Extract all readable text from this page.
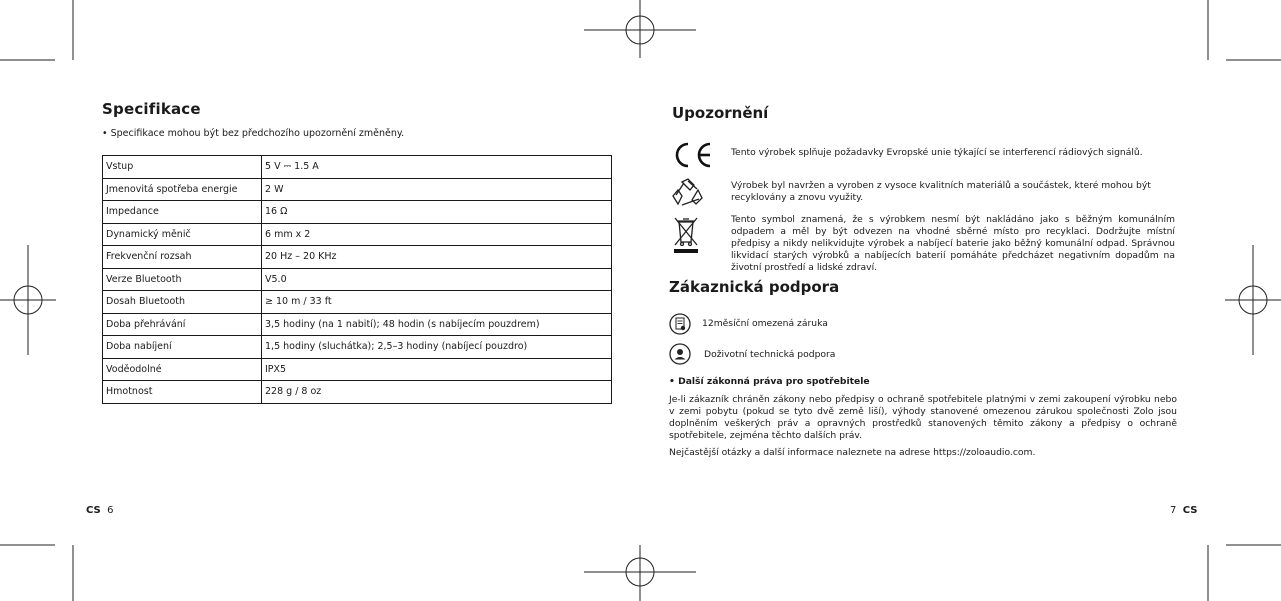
Specifikace
• Specifikace mohou být bez předchozího upozornění změněny.
Vstup	5 V ⎓ 1.5 A
Jmenovitá spotřeba energie	2 W
Impedance	16 Ω
Dynamický měnič	6 mm x 2
Frekvenční rozsah	20 Hz – 20 KHz
Verze Bluetooth	V5.0
Dosah Bluetooth	≥ 10 m / 33 ft
Doba přehrávání	3,5 hodiny (na 1 nabití); 48 hodin (s nabíjecím pouzdrem)
Doba nabíjení	1,5 hodiny (sluchátka); 2,5–3 hodiny (nabíjecí pouzdro)
Voděodolné	IPX5
Hmotnost	228 g / 8 oz
CS 6
Upozornění
Tento výrobek splňuje požadavky Evropské unie týkající se interferencí rádiových signálů.
Výrobek byl navržen a vyroben z vysoce kvalitních materiálů a součástek, které mohou být recyklovány a znovu využity.
Tento symbol znamená, že s výrobkem nesmí být nakládáno jako s běžným komunálním odpadem a měl by být odvezen na vhodné sběrné místo pro recyklaci. Dodržujte místní předpisy a nikdy nelikvidujte výrobek a nabíjecí baterie jako běžný komunální odpad. Správnou likvidací starých výrobků a nabíjecích baterií pomáháte předcházet negativním dopadům na životní prostředí a lidské zdraví.
Zákaznická podpora
12měsíční omezená záruka
Doživotní technická podpora
• Další zákonná práva pro spotřebitele
Je-li zákazník chráněn zákony nebo předpisy o ochraně spotřebitele platnými v zemi zakoupení výrobku nebo v zemi pobytu (pokud se tyto dvě země liší), výhody stanovené omezenou zárukou společnosti Zolo jsou doplněním veškerých práv a opravných prostředků stanovených těmito zákony a předpisy o ochraně spotřebitele, zejména těchto dalších práv.
Nejčastější otázky a další informace naleznete na adrese https://zoloaudio.com.
7 CS
